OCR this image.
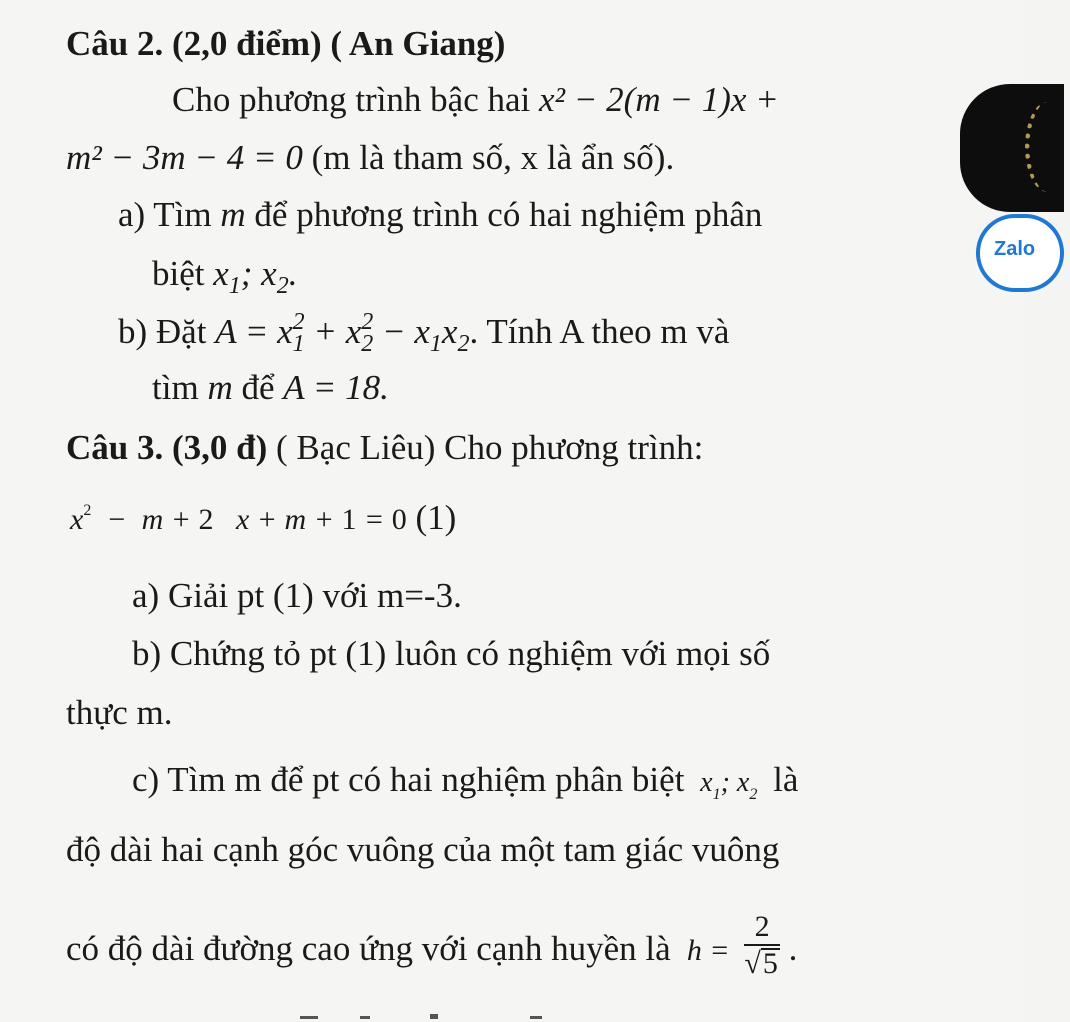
Câu 2. (2,0 điểm) ( An Giang)
Cho phương trình bậc hai x² − 2(m − 1)x +
m² − 3m − 4 = 0 (m là tham số, x là ẩn số).
a) Tìm m để phương trình có hai nghiệm phân
biệt $x_1$; $x_2$.
b) Đặt $A = x_1^2 + x_2^2 - x_1x_2$. Tính A theo m và
tìm m để A = 18.
Câu 3. (3,0 đ) ( Bạc Liêu) Cho phương trình:
$x^2 - m + 2$   x + m + 1 = 0 (1)
a) Giải pt (1) với m=-3.
b) Chứng tỏ pt (1) luôn có nghiệm với mọi số
thực m.
c) Tìm m để pt có hai nghiệm phân biệt  $x_1$; $x_2$ là
độ dài hai cạnh góc vuông của một tam giác vuông
có độ dài đường cao ứng với cạnh huyền là  $h = \frac{2}{√5}$ .
Zalo
